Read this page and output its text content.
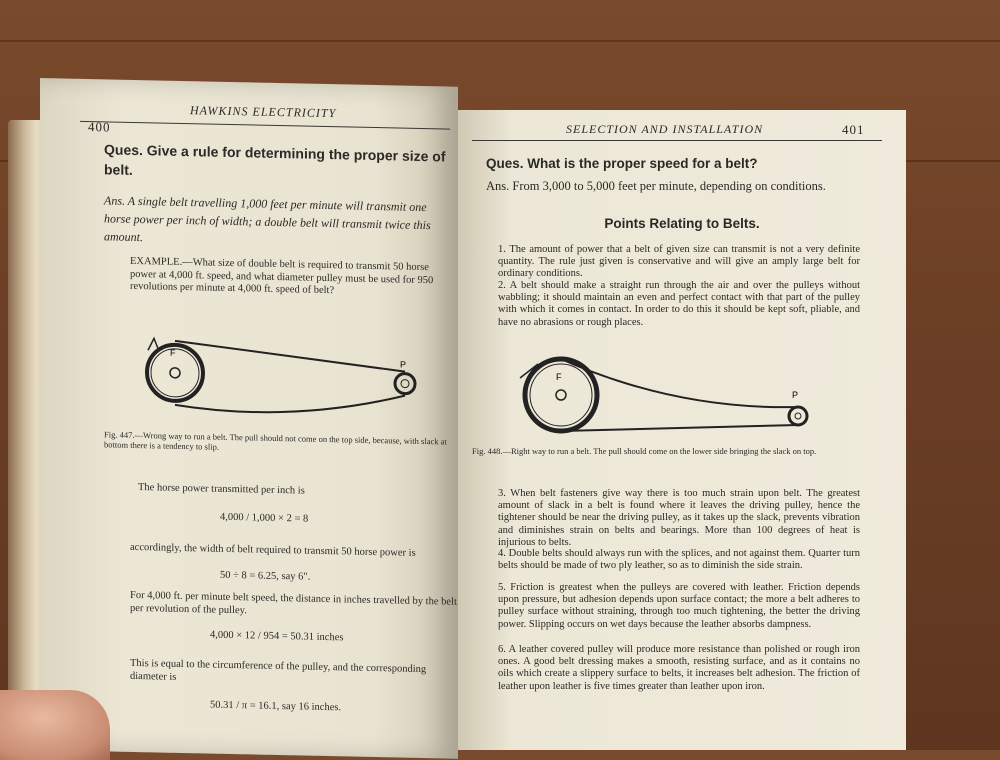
400
HAWKINS ELECTRICITY
Ques. Give a rule for determining the proper size of belt.
Ans. A single belt travelling 1,000 feet per minute will transmit one horse power per inch of width; a double belt will transmit twice this amount.
EXAMPLE.—What size of double belt is required to transmit 50 horse power at 4,000 ft. speed, and what diameter pulley must be used for 950 revolutions per minute at 4,000 ft. speed of belt?
F
P
Fig. 447.—Wrong way to run a belt. The pull should not come on the top side, because, with slack at bottom there is a tendency to slip.
The horse power transmitted per inch is
4,000 / 1,000 × 2 = 8
accordingly, the width of belt required to transmit 50 horse power is
50 ÷ 8 = 6.25, say 6".
For 4,000 ft. per minute belt speed, the distance in inches travelled by the belt per revolution of the pulley.
4,000 × 12 / 954 = 50.31 inches
This is equal to the circumference of the pulley, and the corresponding diameter is
50.31 / π = 16.1, say 16 inches.
SELECTION AND INSTALLATION	401
Ques. What is the proper speed for a belt?
Ans. From 3,000 to 5,000 feet per minute, depending on conditions.
Points Relating to Belts.
1. The amount of power that a belt of given size can transmit is not a very definite quantity. The rule just given is conservative and will give an amply large belt for ordinary conditions.
2. A belt should make a straight run through the air and over the pulleys without wabbling; it should maintain an even and perfect contact with that part of the pulley with which it comes in contact. In order to do this it should be kept soft, pliable, and have no abrasions or rough places.
F
P
Fig. 448.—Right way to run a belt. The pull should come on the lower side bringing the slack on top.
3. When belt fasteners give way there is too much strain upon belt. The greatest amount of slack in a belt is found where it leaves the driving pulley, hence the tightener should be near the driving pulley, as it takes up the slack, prevents vibration and diminishes strain on belts and bearings. More than 100 degrees of heat is injurious to belts.
4. Double belts should always run with the splices, and not against them. Quarter turn belts should be made of two ply leather, so as to diminish the side strain.
5. Friction is greatest when the pulleys are covered with leather. Friction depends upon pressure, but adhesion depends upon surface contact; the more a belt adheres to pulley surface without straining, through too much tightening, the better the driving power. Slipping occurs on wet days because the leather absorbs dampness.
6. A leather covered pulley will produce more resistance than polished or rough iron ones. A good belt dressing makes a smooth, resisting surface, and as it contains no oils which create a slippery surface to belts, it increases belt adhesion. The friction of leather upon leather is five times greater than leather upon iron.
